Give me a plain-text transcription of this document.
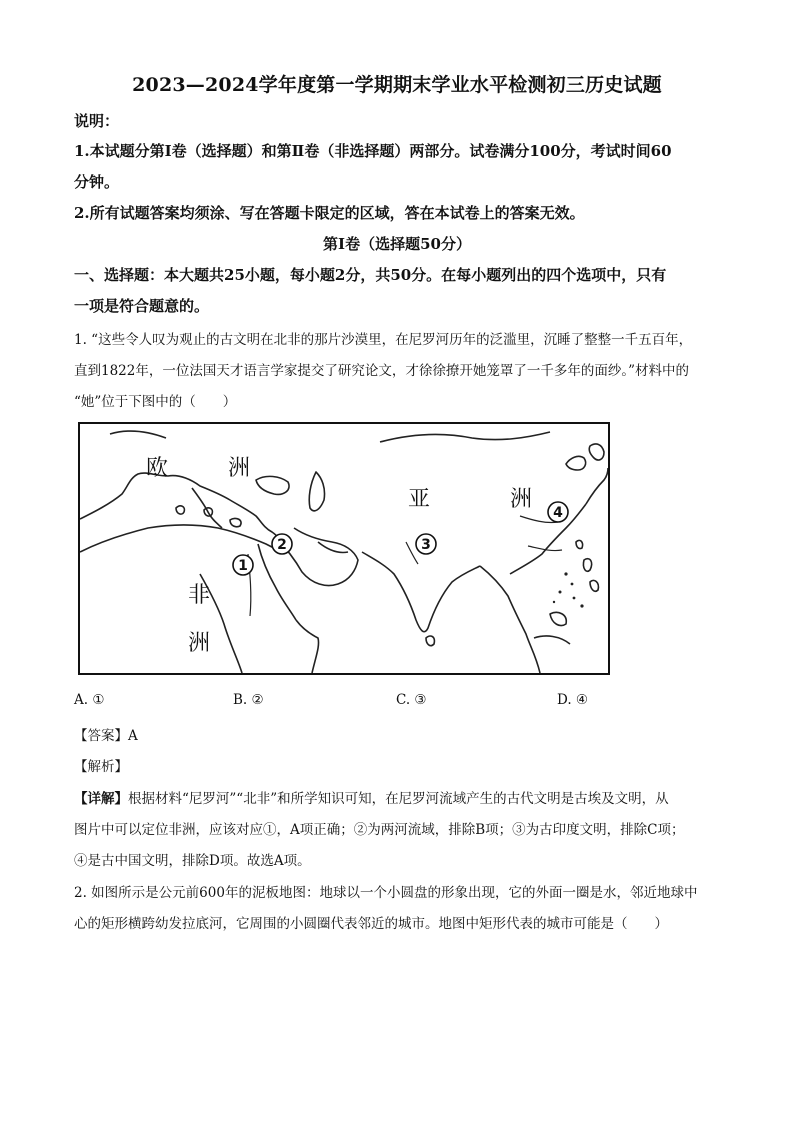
2023—2024学年度第一学期期末学业水平检测初三历史试题
说明：
1.本试题分第Ⅰ卷（选择题）和第Ⅱ卷（非选择题）两部分。试卷满分100分，考试时间60
分钟。
2.所有试题答案均须涂、写在答题卡限定的区域，答在本试卷上的答案无效。
第Ⅰ卷（选择题50分）
一、选择题：本大题共25小题，每小题2分，共50分。在每小题列出的四个选项中，只有
一项是符合题意的。
1. “这些令人叹为观止的古文明在北非的那片沙漠里，在尼罗河历年的泛滥里，沉睡了整整一千五百年，
直到1822年，一位法国天才语言学家提交了研究论文，才徐徐撩开她笼罩了一千多年的面纱。”材料中的
“她”位于下图中的（　　）
欧	洲
亚	洲
非
洲
1
2	3
4
A. ①	B. ②	C. ③	D. ④
【答案】A
【解析】
【详解】根据材料“尼罗河”“北非”和所学知识可知，在尼罗河流域产生的古代文明是古埃及文明，从
图片中可以定位非洲，应该对应①，A项正确；②为两河流域，排除B项；③为古印度文明，排除C项；
④是古中国文明，排除D项。故选A项。
2. 如图所示是公元前600年的泥板地图：地球以一个小圆盘的形象出现，它的外面一圈是水，邻近地球中
心的矩形横跨幼发拉底河，它周围的小圆圈代表邻近的城市。地图中矩形代表的城市可能是（　　）
